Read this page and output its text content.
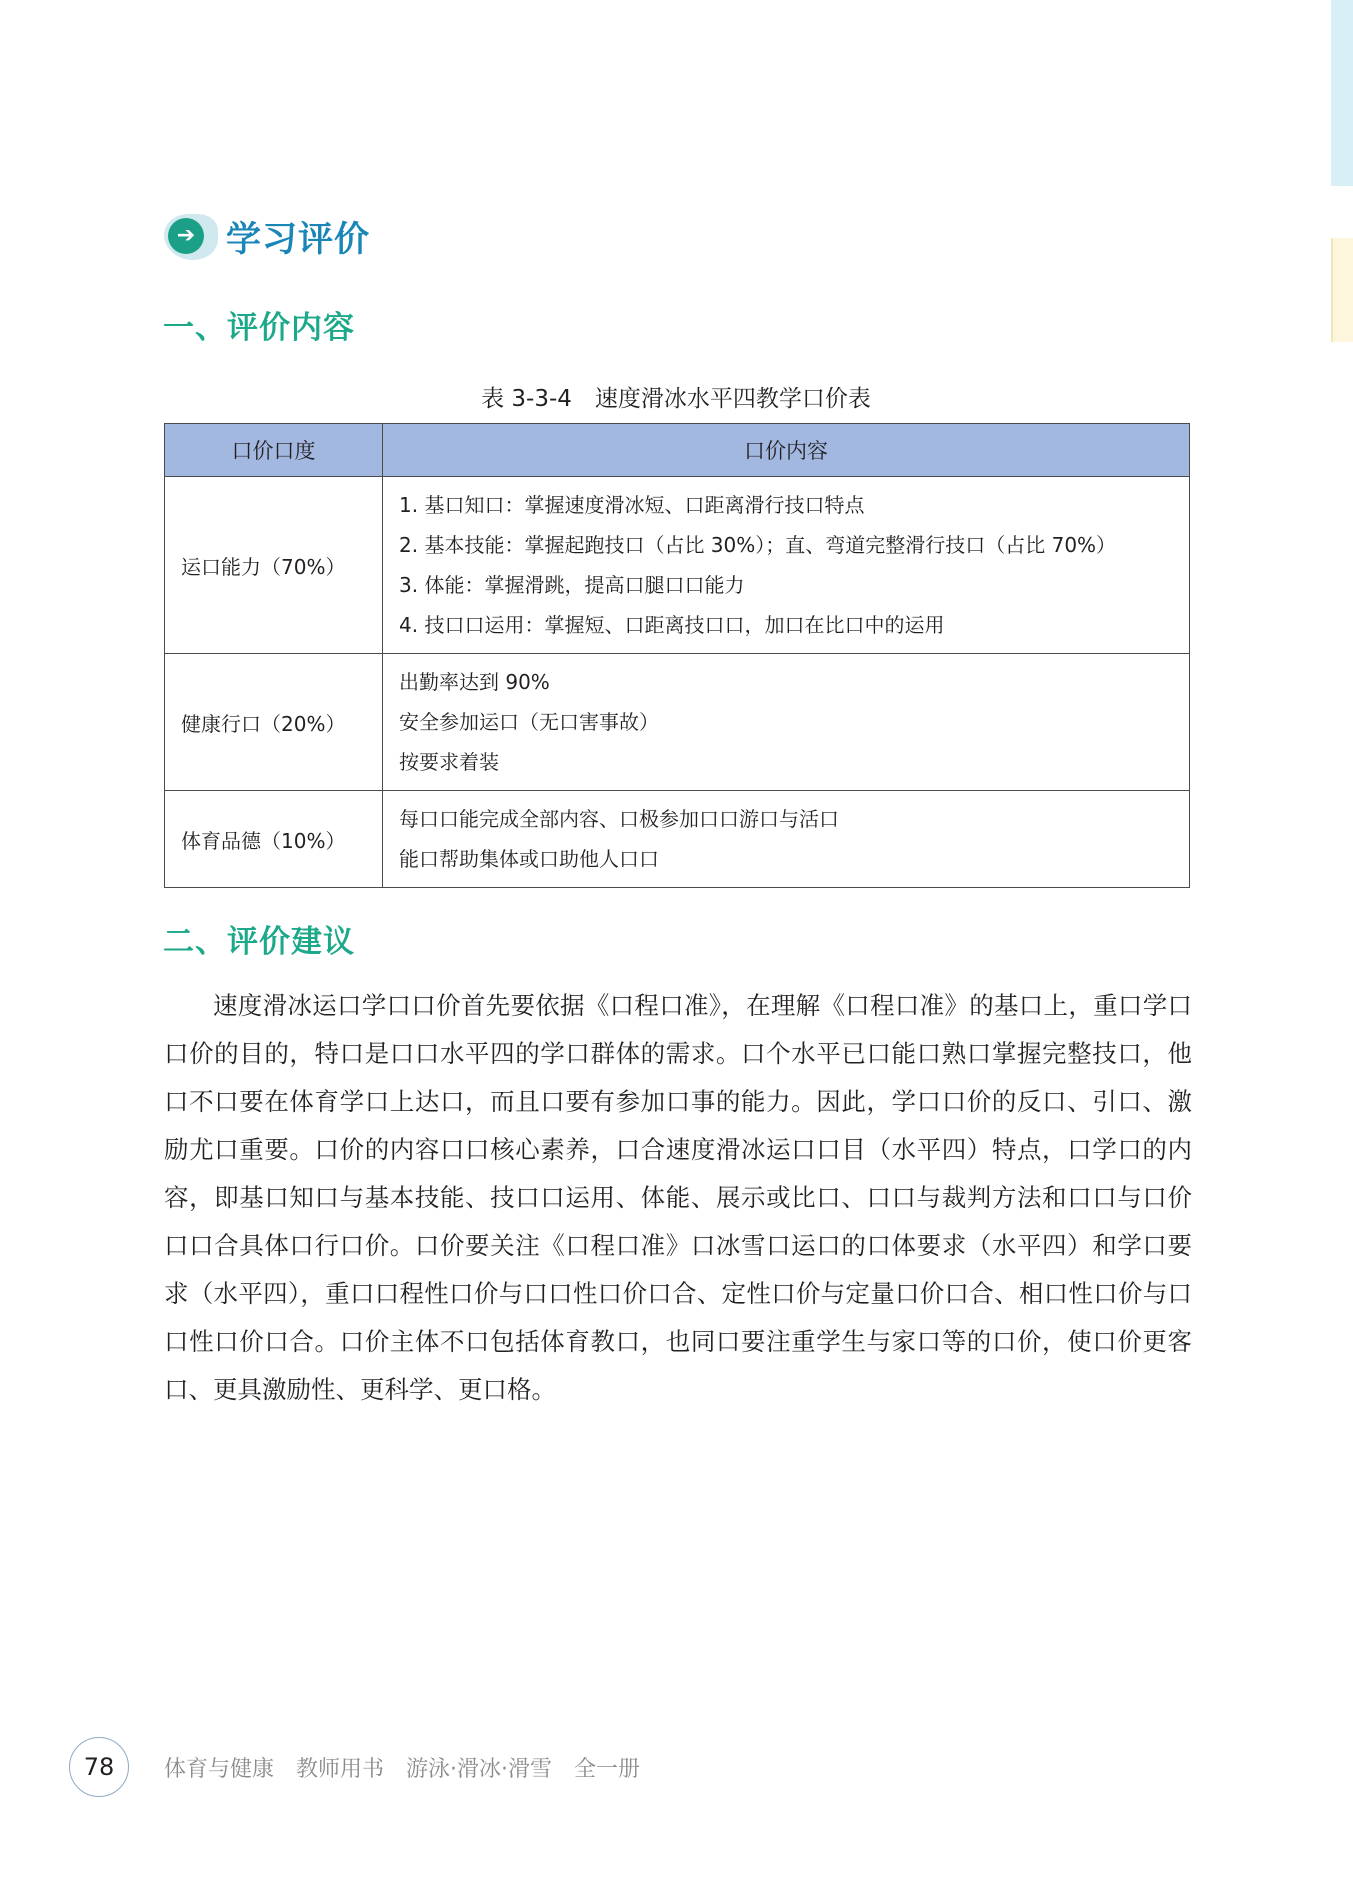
➔ 学习评价
一、评价内容
表 3-3-4　速度滑冰水平四教学口价表
口价口度	口价内容
运口能力（70%）	1. 基口知口：掌握速度滑冰短、口距离滑行技口特点
2. 基本技能：掌握起跑技口（占比 30%）；直、弯道完整滑行技口（占比 70%）
3. 体能：掌握滑跳，提高口腿口口能力
4. 技口口运用：掌握短、口距离技口口，加口在比口中的运用

健康行口（20%）	出勤率达到 90%
安全参加运口（无口害事故）
按要求着装

体育品德（10%）	每口口能完成全部内容、口极参加口口游口与活口
能口帮助集体或口助他人口口
二、评价建议
速度滑冰运口学口口价首先要依据《口程口准》，在理解《口程口准》的基口上，重口学口口价的目的，特口是口口水平四的学口群体的需求。口个水平已口能口熟口掌握完整技口，他口不口要在体育学口上达口，而且口要有参加口事的能力。因此，学口口价的反口、引口、激励尤口重要。口价的内容口口核心素养，口合速度滑冰运口口目（水平四）特点，口学口的内容，即基口知口与基本技能、技口口运用、体能、展示或比口、口口与裁判方法和口口与口价口口合具体口行口价。口价要关注《口程口准》口冰雪口运口的口体要求（水平四）和学口要求（水平四），重口口程性口价与口口性口价口合、定性口价与定量口价口合、相口性口价与口口性口价口合。口价主体不口包括体育教口，也同口要注重学生与家口等的口价，使口价更客口、更具激励性、更科学、更口格。
78	体育与健康　教师用书　游泳·滑冰·滑雪　全一册
